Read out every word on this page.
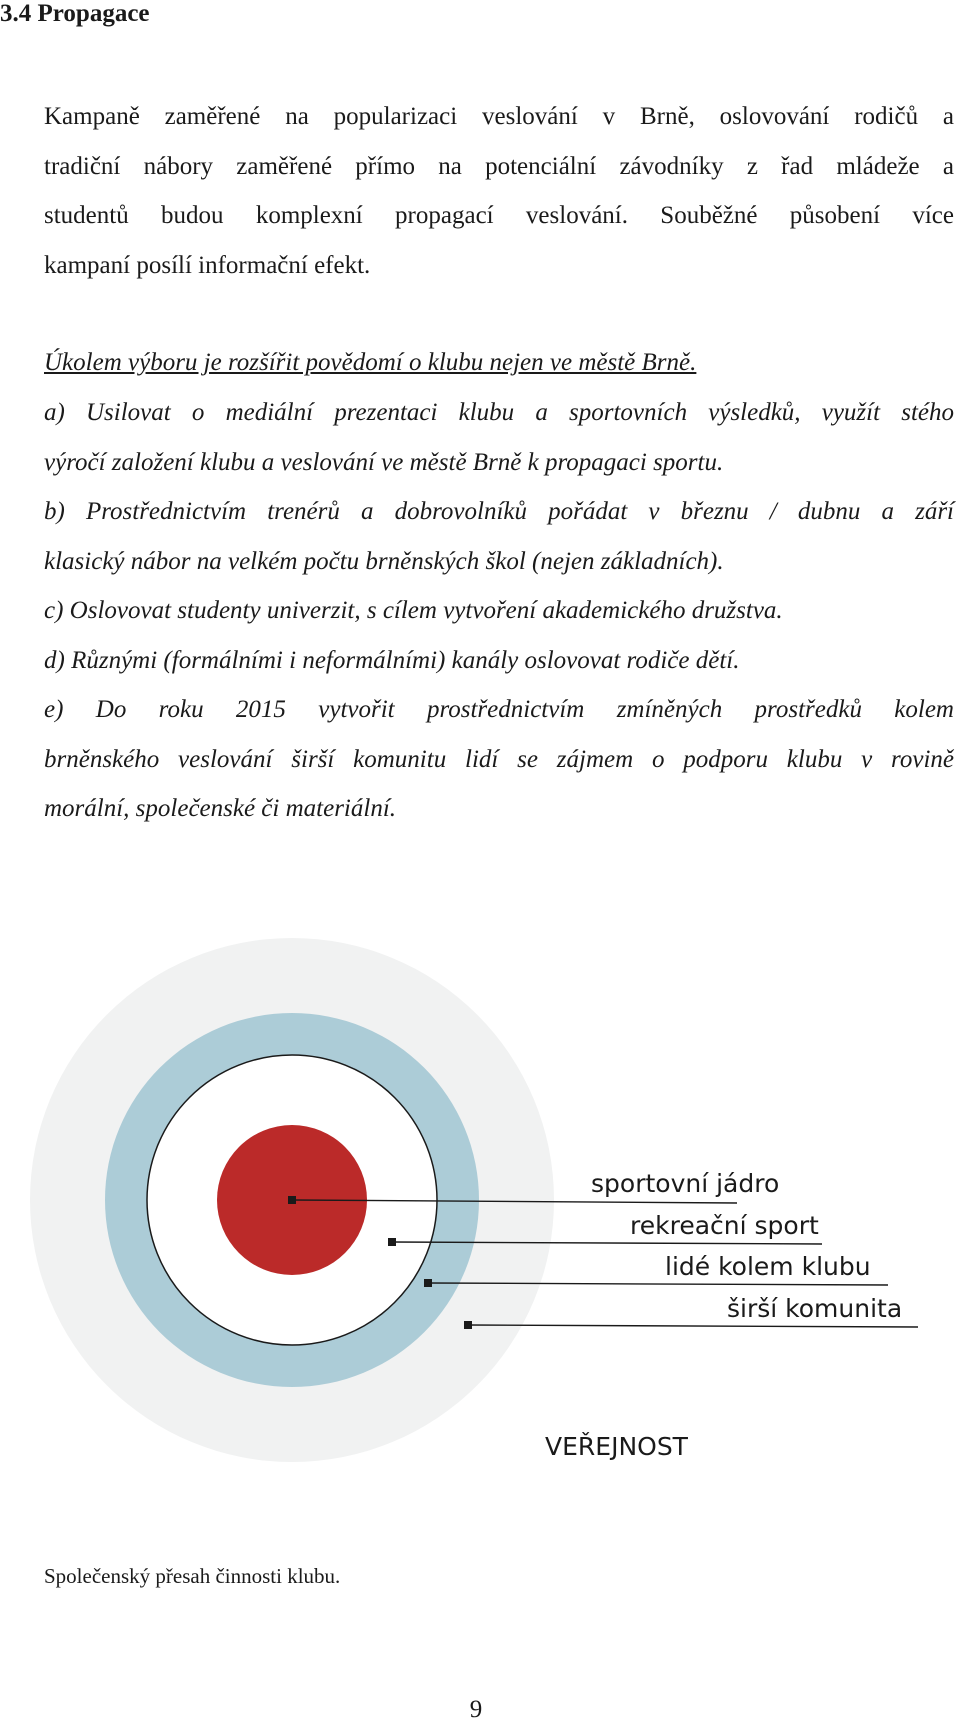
3.4 Propagace

Kampaně zaměřené na popularizaci veslování v Brně, oslovování rodičů a
tradiční nábory zaměřené přímo na potenciální závodníky z řad mládeže a
studentů budou komplexní propagací veslování. Souběžné působení více
kampaní posílí informační efekt.

Úkolem výboru je rozšířit povědomí o klubu nejen ve městě Brně.

a) Usilovat o mediální prezentaci klubu a sportovních výsledků, využít stého
výročí založení klubu a veslování ve městě Brně k propagaci sportu.
b) Prostřednictvím trenérů a dobrovolníků pořádat v březnu / dubnu a září
klasický nábor na velkém počtu brněnských škol (nejen základních).
c) Oslovovat studenty univerzit, s cílem vytvoření akademického družstva.
d) Různými (formálními i neformálními) kanály oslovovat rodiče dětí.
e) Do roku 2015 vytvořit prostřednictvím zmíněných prostředků kolem
brněnského veslování širší komunitu lidí se zájmem o podporu klubu v rovině
morální, společenské či materiální.
sportovní jádro
rekreační sport
lidé kolem klubu
širší komunita
VEŘEJNOST

Společenský přesah činnosti klubu.

9
